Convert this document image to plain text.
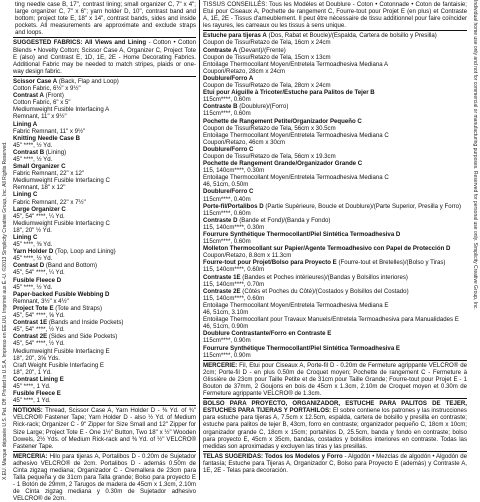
X.EU. Marque déposée U.S. Pat. Off. Printed in U.S.A. Impreso en EE.UU. Imprimé aux É.-U. ©2013 Simplicity Creative Group, Inc. All Rights Reserved.	Individual home use only and not for commercial or manufacturing purposes. Reserved for personal use only. Simplicity Creative Group, Inc.
ting needle case B, 17", contrast lining; small organizer C, 7" x 4"; large organizer C, 7" x 6"; yarn holder D, 10", contrast band and bottom; project tote E, 18" x 14", contrast bands, sides and inside pockets. All measurements are approximate and exclude straps and loops.
SUGGESTED FABRICS: All Views and Lining - Cotton • Cotton Blends • Novelty Cotton; Scissor Case A, Organizer C, Project Tote E (also) and Contrast E, 1D, 1E, 2E - Home Decorating Fabrics. Additional Fabric may be needed to match stripes, plaids or one-way design fabric.
Scissor Case A (Back, Flap and Loop)
Cotton Fabric, 6½" x 9½"
Contrast A (Front)
Cotton Fabric, 6" x 5"
Mediumweight Fusible Interfacing A
Remnant, 11" x 9½"
Lining A
Fabric Remnant, 11" x 9½"
Knitting Needle Case B
45" ****, ½ Yd.
Contrast B (Lining)
45" ****, ½ Yd.
Small Organizer C
Fabric Remnant, 22" x 12"
Mediumweight Fusible Interfacing C
Remnant, 18" x 12"
Lining C
Fabric Remnant, 22" x 7½"
Large Organizer C
45", 54" ****, ¼ Yd.
Mediumweight Fusible Interfacing C
18", 20" ½ Yd.
Lining C
45" ****, ⅜ Yd.
Yarn Holder D (Top, Loop and Lining)
45" ****, ½ Yd.
Contrast D (Band and Bottom)
45", 54" ****, ¼ Yd.
Fusible Fleece D
45" ****, ½ Yd.
Paper-backed Fusible Webbing D
Remnant, 3½" x 4½"
Project Tote E (Tote and Straps)
45", 54" ****, ⅝ Yd.
Contrast 1E (Bands and Inside Pockets)
45", 54" ****, ½ Yd.
Contrast 2E (Sides and Side Pockets)
45", 54" ****, ½ Yd.
Mediumweight Fusible Interfacing E
18", 20", 3⅝ Yds.
Craft Weight Fusible Interfacing E
18", 20", 1 Yd.
Contrast Lining E
45" ****, 1 Yd.
Fusible Fleece E
45" ****, 1 Yd.
NOTIONS: Thread, Scissor Case A, Yarn Holder D - ⅜ Yd. of ¾" VELCRO® Fastener Tape; Yarn Holder D - also ½ Yd. of Medium Rick-rack; Organizer C - 9" Zipper for Size Small and 12" Zipper for Size Large; Project Tote E - One 1½" Button, Two 18" x ½" Wooden Dowels, 2½ Yds. of Medium Rick-rack and ⅜ Yd. of ½" VELCRO® Fastener Tape.
MERCERIA: Hilo para tijeras A, Portalibos D - 0.20m de Sujetador adhesivo VELCRO® de 2cm. Portalibos D - además 0.50m de Cinta zigzag mediana; Organizador C - Cremallera de 23cm para Talla pequeña y de 31cm para Talla grande; Bolso para proyecto E - 1 Botón de 29mm, 2 Tarugos de madera de 45cm x 1.3cm, 2.10m de Cinta zigzag mediana y 0.30m de Sujetador adhesivo VELCRO® de 2cm.
TISSUS CONSEILLÉS: Tous les Modèles et Doublure - Coton • Cotonnade • Coton de fantaisie; Etui pour Ciseaux A, Pochette de rangement C, Fourre-tout pour Projet E (en plus) et Contraste A, 1E, 2E - Tissus d'ameublement. Il peut être nécessaire de tissu additionnel pour faire coïncider les rayures, les carreaux ou les tissus à sens unique.
Estuche para tijeras A (Dos, Rabat et Boucle)/(Espalda, Cartera de bolsillo y Presilla)
Coupon de Tissu/Retazo de Tela, 16cm x 24cm
Contraste A (Devant)/(Frente)
Coupon de Tissu/Retazo de Tela, 15cm x 13cm
Entoilage Thermocollant Moyen/Entretela Termoadhesiva Mediana A
Coupon/Retazo, 28cm x 24cm
Doublure/Forro A
Coupon de Tissu/Retazo de Tela, 28cm x 24cm
Etui pour Aiguille à Tricoter/Estuche para Palitos de Tejer B
115cm****, 0.60m
Contraste B (Doublure)/(Forro)
115cm****, 0.60m
Pochette de Rangement Petite/Organizador Pequeño C
Coupon de Tissu/Retazo de Tela, 56cm x 30.5cm
Entoilage Thermocollant Moyen/Entretela Termoadhesiva Mediana C
Coupon/Retazo, 46cm x 30cm
Doublure/Forro C
Coupon de Tissu/Retazo de Tela, 56cm x 19.3cm
Pochette de Rangement Grande/Organizador Grande C
115, 140cm****, 0.30m
Entoilage Thermocollant Moyen/Entretela Termoadhesiva Mediana C
46, 51cm, 0.50m
Doublure/Forro C
115cm****, 0.40m
Porte-fil/Portalibos D (Partie Supérieure, Boucle et Doublure)/(Parte Superior, Presilla y Forro)
115cm****, 0.60m
Contraste D (Bande et Fond)/(Banda y Fondo)
115, 140cm****, 0.30m
Fourrure Synthétique Thermocollant/Piel Sintética Termoadhesiva D
115cm****, 0.60m
Molleton Thermocollant sur Papier/Agente Termoadhesivo con Papel de Protección D
Coupon/Retazo, 8.8cm x 11.3cm
Fourre-tout pour Projet/Bolso para Proyecto E (Fourre-tout et Bretelles)/(Bolso y Tiras)
115, 140cm****, 0.60m
Contraste 1E (Bandes et Poches intérieures)/(Bandas y Bolsillos interiores)
115, 140cm****, 0.70m
Contraste 2E (Côtés et Poches du Côté)/(Costados y Bolsillos del Costado)
115, 140cm****, 0.60m
Entoilage Thermocollant Moyen/Entretela Termoadhesiva Mediana E
46, 51cm, 3.10m
Entoilage Thermocollant pour Travaux Manuels/Entretela Termoadhesiva para Manualidades E
46, 51cm, 0.90m
Doublure Contrastante/Forro en Contraste E
115cm****, 0.90m
Fourrure Synthétique Thermocollant/Piel Sintética Termoadhesiva E
115cm****, 0.90m
MERCERIE: Fil, Etui pour Ciseaux A, Porte-fil D - 0.20m de Fermeture agrippante VELCRO® de 2cm; Porte-fil D - en plus 0.50m de Croquet moyen; Pochette de rangement C - Fermeture à Glissière de 23cm pour Taille Petite et de 31cm pour Taille Grande; Fourre-tout pour Projet E - 1 Bouton de 37mm, 2 Goujons en bois de 45cm x 1.3cm, 2.10m de Croquet moyen et 0.30m de Fermeture agrippante VELCRO® de 1.3cm.
BOLSO PARA PROYECTO, ORGANIZADOR, ESTUCHE PARA PALITOS DE TEJER, ESTUCHES PARA TIJERAS Y PORTAHILOS: El sobre contiene los patrones y las instrucciones para estuche para tijeras A, 7.5cm x 12.5cm, espalda, cartera de bolsillo y presilla en contraste; estuche para palitos de tejer B, 43cm, forro en contraste; organizador pequeño C, 18cm x 10cm; organizador grande C, 18cm x 15cm; portahilos D, 25.5cm, banda y fondo en contraste; bolso para proyecto E, 45cm x 35cm, bandas, costados y bolsillos interiores en contraste. Todas las medidas son aproximadas y excluyen las tiras y las presillas.
TELAS SUGERIDAS: Todos los Modelos y Forro - Algodón • Mezclas de algodón • Algodón de fantasía; Estuche para Tijeras A, Organizador C, Bolso para Proyecto E (además) y Contraste A, 1E, 2E - Telas para decoración.
